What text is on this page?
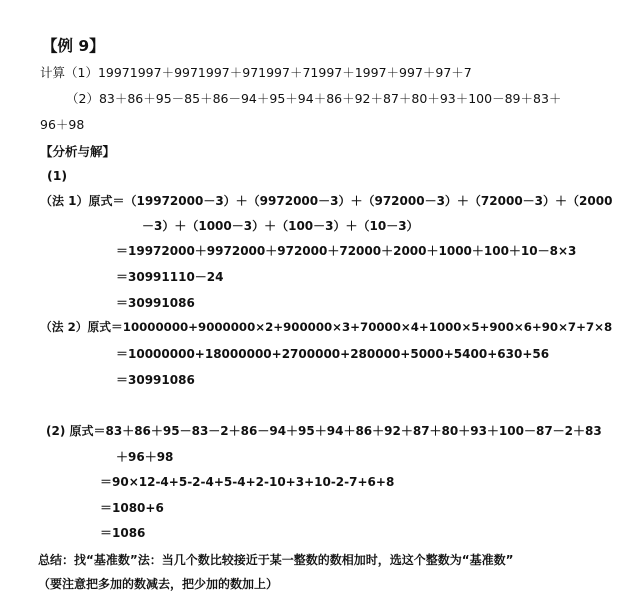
【例 9】
计算（1）19971997＋9971997＋971997＋71997＋1997＋997＋97＋7
（2）83＋86＋95－85＋86－94＋95＋94＋86＋92＋87＋80＋93＋100－89＋83＋
96＋98
【分析与解】
(1)
（法 1）原式＝（19972000－3）＋（9972000－3）＋（972000－3）＋（72000－3）＋（2000
－3）＋（1000－3）＋（100－3）＋（10－3）
＝19972000＋9972000＋972000＋72000＋2000＋1000＋100＋10－8×3
＝30991110－24
＝30991086
（法 2）原式＝10000000+9000000×2+900000×3+70000×4+1000×5+900×6+90×7+7×8
＝10000000+18000000+2700000+280000+5000+5400+630+56
＝30991086
(2) 原式＝83＋86＋95－83－2＋86－94＋95＋94＋86＋92＋87＋80＋93＋100－87－2＋83
＋96＋98
＝90×12-4+5-2-4+5-4+2-10+3+10-2-7+6+8
＝1080+6
＝1086
总结：找“基准数”法：当几个数比较接近于某一整数的数相加时，选这个整数为“基准数”
（要注意把多加的数减去，把少加的数加上）
